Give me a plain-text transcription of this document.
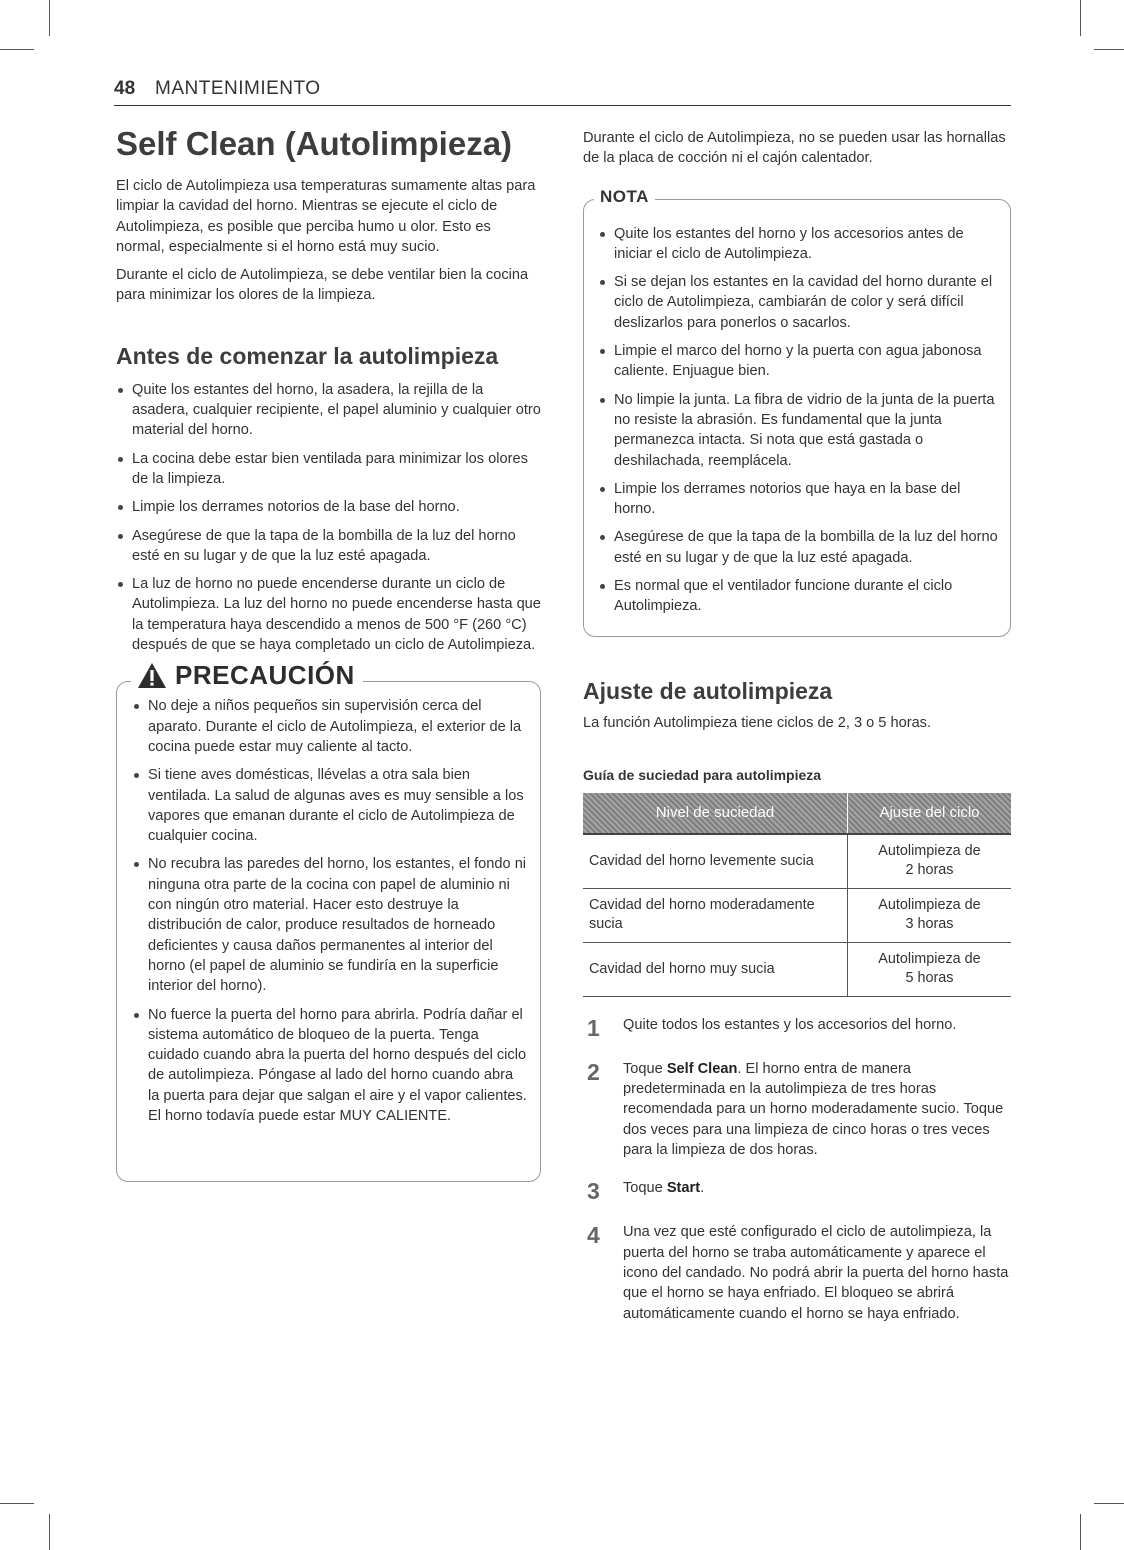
48 MANTENIMIENTO
Self Clean (Autolimpieza)

El ciclo de Autolimpieza usa temperaturas sumamente altas para limpiar la cavidad del horno. Mientras se ejecute el ciclo de Autolimpieza, es posible que perciba humo u olor. Esto es normal, especialmente si el horno está muy sucio.

Durante el ciclo de Autolimpieza, se debe ventilar bien la cocina para minimizar los olores de la limpieza.

Antes de comenzar la autolimpieza
Quite los estantes del horno, la asadera, la rejilla de la asadera, cualquier recipiente, el papel aluminio y cualquier otro material del horno.
La cocina debe estar bien ventilada para minimizar los olores de la limpieza.
Limpie los derrames notorios de la base del horno.
Asegúrese de que la tapa de la bombilla de la luz del horno esté en su lugar y de que la luz esté apagada.
La luz de horno no puede encenderse durante un ciclo de Autolimpieza. La luz del horno no puede encenderse hasta que la temperatura haya descendido a menos de 500 °F (260 °C) después de que se haya completado un ciclo de Autolimpieza.
PRECAUCIÓN
No deje a niños pequeños sin supervisión cerca del aparato. Durante el ciclo de Autolimpieza, el exterior de la cocina puede estar muy caliente al tacto.
Si tiene aves domésticas, llévelas a otra sala bien ventilada. La salud de algunas aves es muy sensible a los vapores que emanan durante el ciclo de Autolimpieza de cualquier cocina.
No recubra las paredes del horno, los estantes, el fondo ni ninguna otra parte de la cocina con papel de aluminio ni con ningún otro material. Hacer esto destruye la distribución de calor, produce resultados de horneado deficientes y causa daños permanentes al interior del horno (el papel de aluminio se fundiría en la superficie interior del horno).
No fuerce la puerta del horno para abrirla. Podría dañar el sistema automático de bloqueo de la puerta. Tenga cuidado cuando abra la puerta del horno después del ciclo de autolimpieza. Póngase al lado del horno cuando abra la puerta para dejar que salgan el aire y el vapor calientes. El horno todavía puede estar MUY CALIENTE.

Durante el ciclo de Autolimpieza, no se pueden usar las hornallas de la placa de cocción ni el cajón calentador.

NOTA
Quite los estantes del horno y los accesorios antes de iniciar el ciclo de Autolimpieza.
Si se dejan los estantes en la cavidad del horno durante el ciclo de Autolimpieza, cambiarán de color y será difícil deslizarlos para ponerlos o sacarlos.
Limpie el marco del horno y la puerta con agua jabonosa caliente. Enjuague bien.
No limpie la junta. La fibra de vidrio de la junta de la puerta no resiste la abrasión. Es fundamental que la junta permanezca intacta. Si nota que está gastada o deshilachada, reemplácela.
Limpie los derrames notorios que haya en la base del horno.
Asegúrese de que la tapa de la bombilla de la luz del horno esté en su lugar y de que la luz esté apagada.
Es normal que el ventilador funcione durante el ciclo Autolimpieza.
Ajuste de autolimpieza

La función Autolimpieza tiene ciclos de 2, 3 o 5 horas.

Guía de suciedad para autolimpieza
Nivel de suciedad	Ajuste del ciclo
Cavidad del horno levemente sucia	Autolimpieza de
2 horas
Cavidad del horno moderadamente sucia	Autolimpieza de
3 horas
Cavidad del horno muy sucia	Autolimpieza de
5 horas
1	Quite todos los estantes y los accesorios del horno.
2	Toque Self Clean. El horno entra de manera predeterminada en la autolimpieza de tres horas recomendada para un horno moderadamente sucio. Toque dos veces para una limpieza de cinco horas o tres veces para la limpieza de dos horas.
3	Toque Start.
4	Una vez que esté configurado el ciclo de autolimpieza, la puerta del horno se traba automáticamente y aparece el icono del candado. No podrá abrir la puerta del horno hasta que el horno se haya enfriado. El bloqueo se abrirá automáticamente cuando el horno se haya enfriado.
